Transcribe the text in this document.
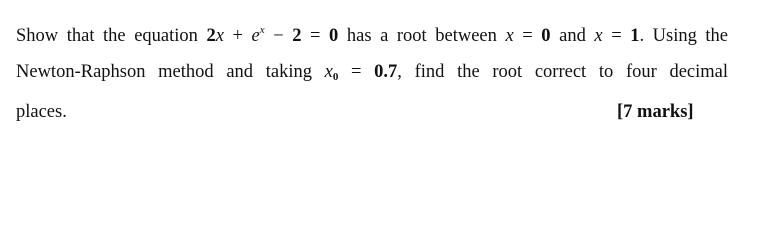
Show that the equation $2x + e^x - 2 = 0$ has a root between x = 0 and x = 1. Using the
Newton-Raphson method and taking $x_0 = 0.7$, find the root correct to four decimal
places.	[7 marks]
